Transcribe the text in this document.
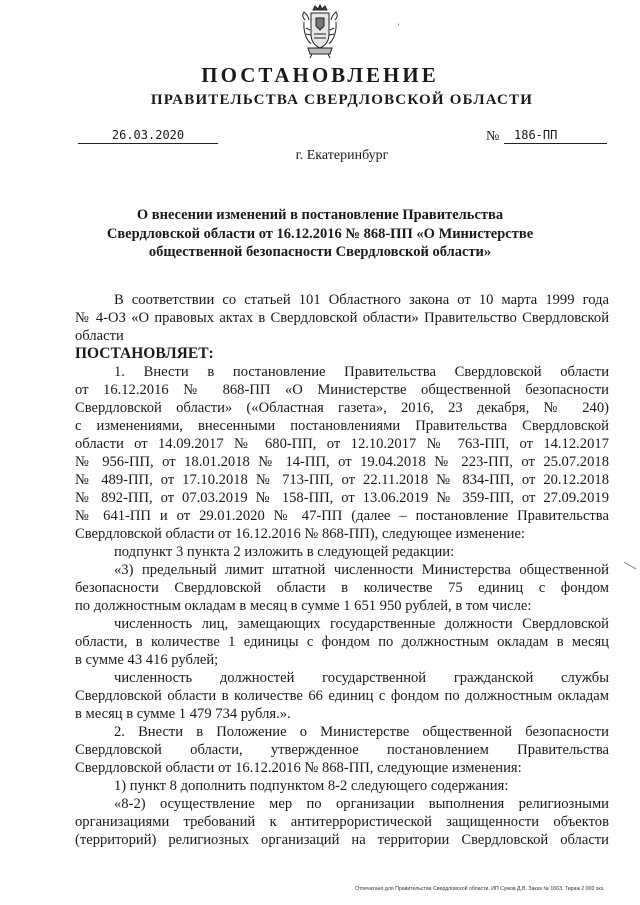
ʼ
ПОСТАНОВЛЕНИЕ
ПРАВИТЕЛЬСТВА СВЕРДЛОВСКОЙ ОБЛАСТИ
26.03.2020	№	186-ПП
г. Екатеринбург
О внесении изменений в постановление Правительства
Свердловской области от 16.12.2016 № 868-ПП «О Министерстве
общественной безопасности Свердловской области»
В соответствии со статьей 101 Областного закона от 10 марта 1999 года
№ 4-ОЗ «О правовых актах в Свердловской области» Правительство Свердловской
области
ПОСТАНОВЛЯЕТ:
1. Внести в постановление Правительства Свердловской области
от 16.12.2016 № 868-ПП «О Министерстве общественной безопасности
Свердловской области» («Областная газета», 2016, 23 декабря, № 240)
с изменениями, внесенными постановлениями Правительства Свердловской
области от 14.09.2017 № 680-ПП, от 12.10.2017 № 763-ПП, от 14.12.2017
№ 956-ПП, от 18.01.2018 № 14-ПП, от 19.04.2018 № 223-ПП, от 25.07.2018
№ 489-ПП, от 17.10.2018 № 713-ПП, от 22.11.2018 № 834-ПП, от 20.12.2018
№ 892-ПП, от 07.03.2019 № 158-ПП, от 13.06.2019 № 359-ПП, от 27.09.2019
№ 641-ПП и от 29.01.2020 № 47-ПП (далее – постановление Правительства
Свердловской области от 16.12.2016 № 868-ПП), следующее изменение:
подпункт 3 пункта 2 изложить в следующей редакции:
«3) предельный лимит штатной численности Министерства общественной
безопасности Свердловской области в количестве 75 единиц с фондом
по должностным окладам в месяц в сумме 1 651 950 рублей, в том числе:
численность лиц, замещающих государственные должности Свердловской
области, в количестве 1 единицы с фондом по должностным окладам в месяц
в сумме 43 416 рублей;
численность должностей государственной гражданской службы
Свердловской области в количестве 66 единиц с фондом по должностным окладам
в месяц в сумме 1 479 734 рубля.».
2. Внести в Положение о Министерстве общественной безопасности
Свердловской области, утвержденное постановлением Правительства
Свердловской области от 16.12.2016 № 868-ПП, следующие изменения:
1) пункт 8 дополнить подпунктом 8-2 следующего содержания:
«8-2) осуществление мер по организации выполнения религиозными
организациями требований к антитеррористической защищенности объектов
(территорий) религиозных организаций на территории Свердловской области
Отпечатано для Правительства Свердловской области. ИП Сумов Д.В. Заказ № 1663. Тираж 2 000 экз.
